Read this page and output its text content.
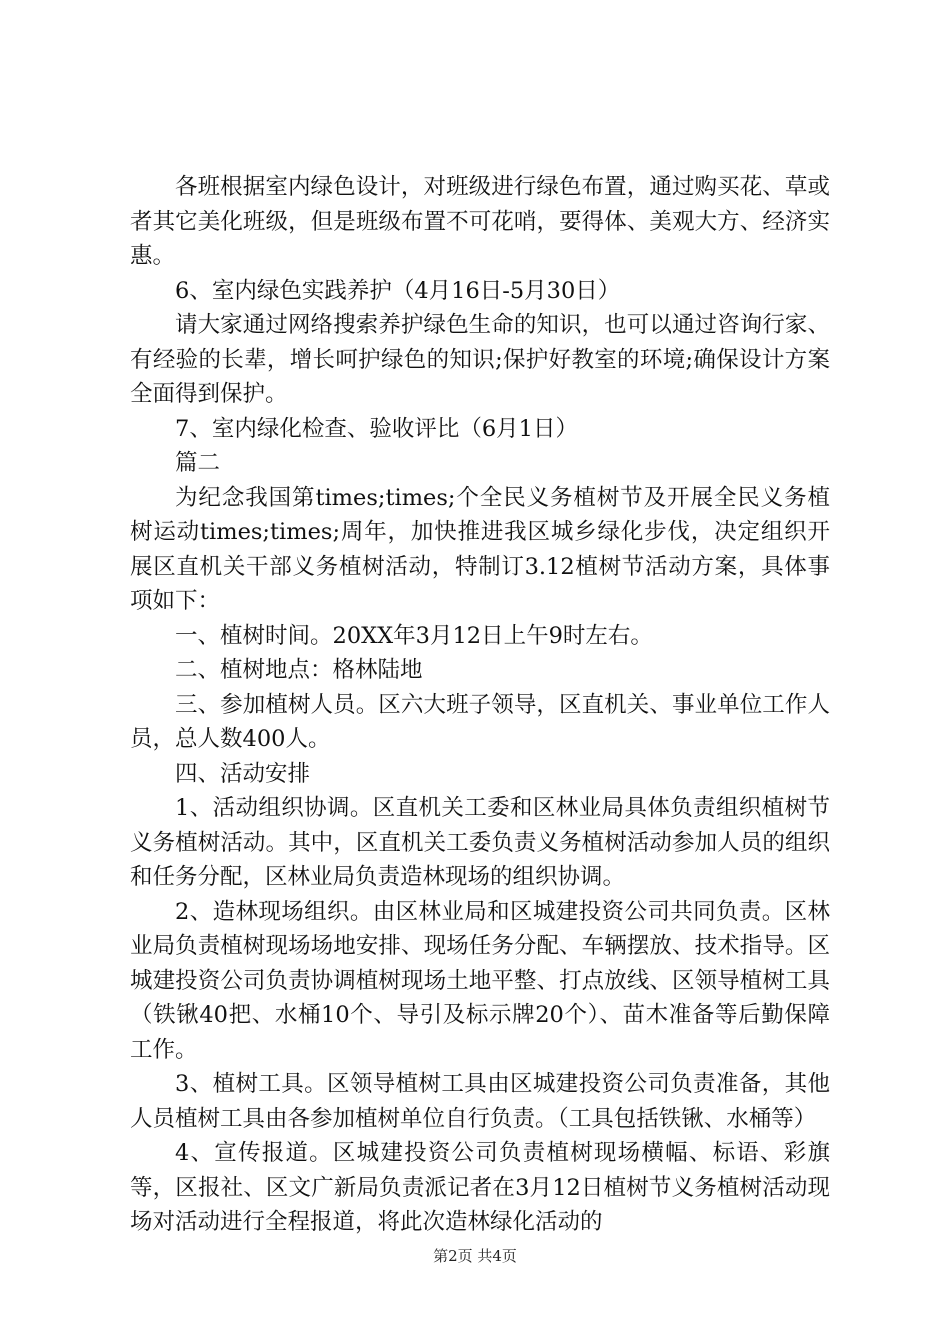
各班根据室内绿色设计，对班级进行绿色布置，通过购买花、草或者其它美化班级，但是班级布置不可花哨，要得体、美观大方、经济实惠。

6、室内绿色实践养护（4月16日-5月30日）

请大家通过网络搜索养护绿色生命的知识，也可以通过咨询行家、有经验的长辈，增长呵护绿色的知识;保护好教室的环境;确保设计方案全面得到保护。

7、室内绿化检查、验收评比（6月1日）

篇二

为纪念我国第times;times;个全民义务植树节及开展全民义务植树运动times;times;周年，加快推进我区城乡绿化步伐，决定组织开展区直机关干部义务植树活动，特制订3.12植树节活动方案，具体事项如下：

一、植树时间。20XX年3月12日上午9时左右。

二、植树地点：格林陆地

三、参加植树人员。区六大班子领导，区直机关、事业单位工作人员，总人数400人。

四、活动安排

1、活动组织协调。区直机关工委和区林业局具体负责组织植树节义务植树活动。其中，区直机关工委负责义务植树活动参加人员的组织和任务分配，区林业局负责造林现场的组织协调。

2、造林现场组织。由区林业局和区城建投资公司共同负责。区林业局负责植树现场场地安排、现场任务分配、车辆摆放、技术指导。区城建投资公司负责协调植树现场土地平整、打点放线、区领导植树工具（铁锹40把、水桶10个、导引及标示牌20个）、苗木准备等后勤保障工作。

3、植树工具。区领导植树工具由区城建投资公司负责准备，其他人员植树工具由各参加植树单位自行负责。（工具包括铁锹、水桶等）

4、宣传报道。区城建投资公司负责植树现场横幅、标语、彩旗等，区报社、区文广新局负责派记者在3月12日植树节义务植树活动现场对活动进行全程报道，将此次造林绿化活动的

第2页 共4页
